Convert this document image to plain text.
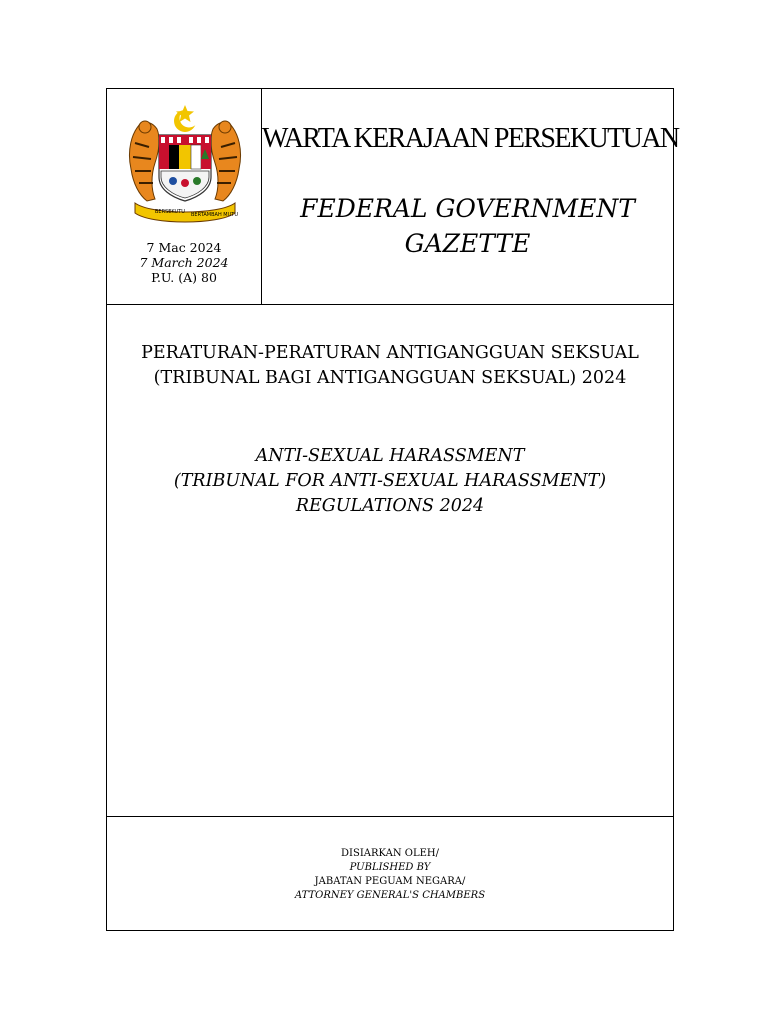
BERSEKUTU BERTAMBAH MUTU
7 Mac 2024
7 March 2024
P.U. (A) 80
WARTA KERAJAAN PERSEKUTUAN
FEDERAL GOVERNMENT
GAZETTE
PERATURAN-PERATURAN ANTIGANGGUAN SEKSUAL
(TRIBUNAL BAGI ANTIGANGGUAN SEKSUAL) 2024
ANTI-SEXUAL HARASSMENT
(TRIBUNAL FOR ANTI-SEXUAL HARASSMENT)
REGULATIONS 2024
DISIARKAN OLEH/
PUBLISHED BY
JABATAN PEGUAM NEGARA/
ATTORNEY GENERAL'S CHAMBERS
